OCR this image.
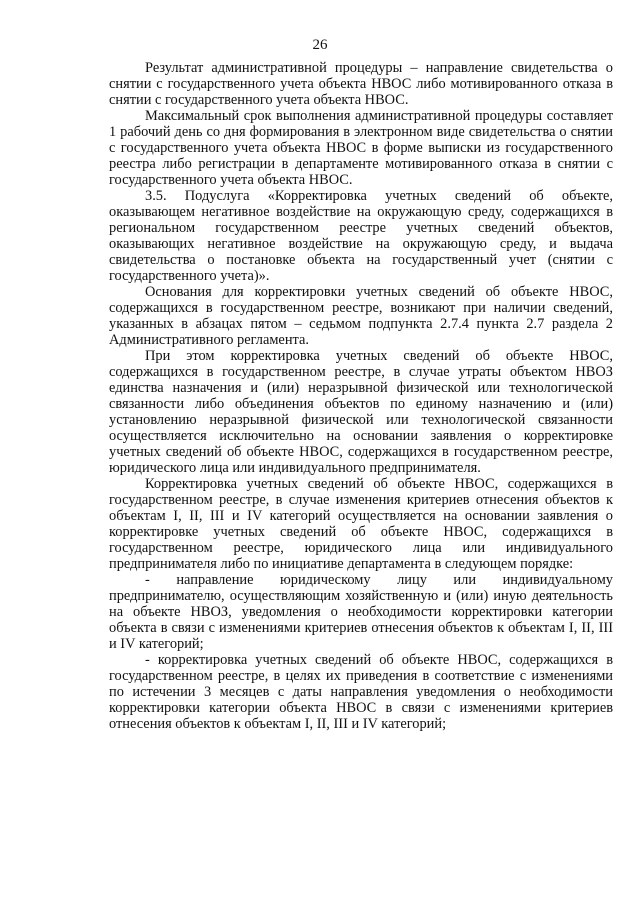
26

Результат административной процедуры – направление свидетельства о снятии с государственного учета объекта НВОС либо мотивированного отказа в снятии с государственного учета объекта НВОС.

Максимальный срок выполнения административной процедуры составляет 1 рабочий день со дня формирования в электронном виде свидетельства о снятии с государственного учета объекта НВОС в форме выписки из государственного реестра либо регистрации в департаменте мотивированного отказа в снятии с государственного учета объекта НВОС.

3.5. Подуслуга «Корректировка учетных сведений об объекте, оказывающем негативное воздействие на окружающую среду, содержащихся в региональном государственном реестре учетных сведений объектов, оказывающих негативное воздействие на окружающую среду, и выдача свидетельства о постановке объекта на государственный учет (снятии с государственного учета)».

Основания для корректировки учетных сведений об объекте НВОС, содержащихся в государственном реестре, возникают при наличии сведений, указанных в абзацах пятом – седьмом подпункта 2.7.4 пункта 2.7 раздела 2 Административного регламента.

При этом корректировка учетных сведений об объекте НВОС, содержащихся в государственном реестре, в случае утраты объектом НВОЗ единства назначения и (или) неразрывной физической или технологической связанности либо объединения объектов по единому назначению и (или) установлению неразрывной физической или технологической связанности осуществляется исключительно на основании заявления о корректировке учетных сведений об объекте НВОС, содержащихся в государственном реестре, юридического лица или индивидуального предпринимателя.

Корректировка учетных сведений об объекте НВОС, содержащихся в государственном реестре, в случае изменения критериев отнесения объектов к объектам I, II, III и IV категорий осуществляется на основании заявления о корректировке учетных сведений об объекте НВОС, содержащихся в государственном реестре, юридического лица или индивидуального предпринимателя либо по инициативе департамента в следующем порядке:

- направление юридическому лицу или индивидуальному предпринимателю, осуществляющим хозяйственную и (или) иную деятельность на объекте НВОЗ, уведомления о необходимости корректировки категории объекта в связи с изменениями критериев отнесения объектов к объектам I, II, III и IV категорий;

- корректировка учетных сведений об объекте НВОС, содержащихся в государственном реестре, в целях их приведения в соответствие с изменениями по истечении 3 месяцев с даты направления уведомления о необходимости корректировки категории объекта НВОС в связи с изменениями критериев отнесения объектов к объектам I, II, III и IV категорий;
